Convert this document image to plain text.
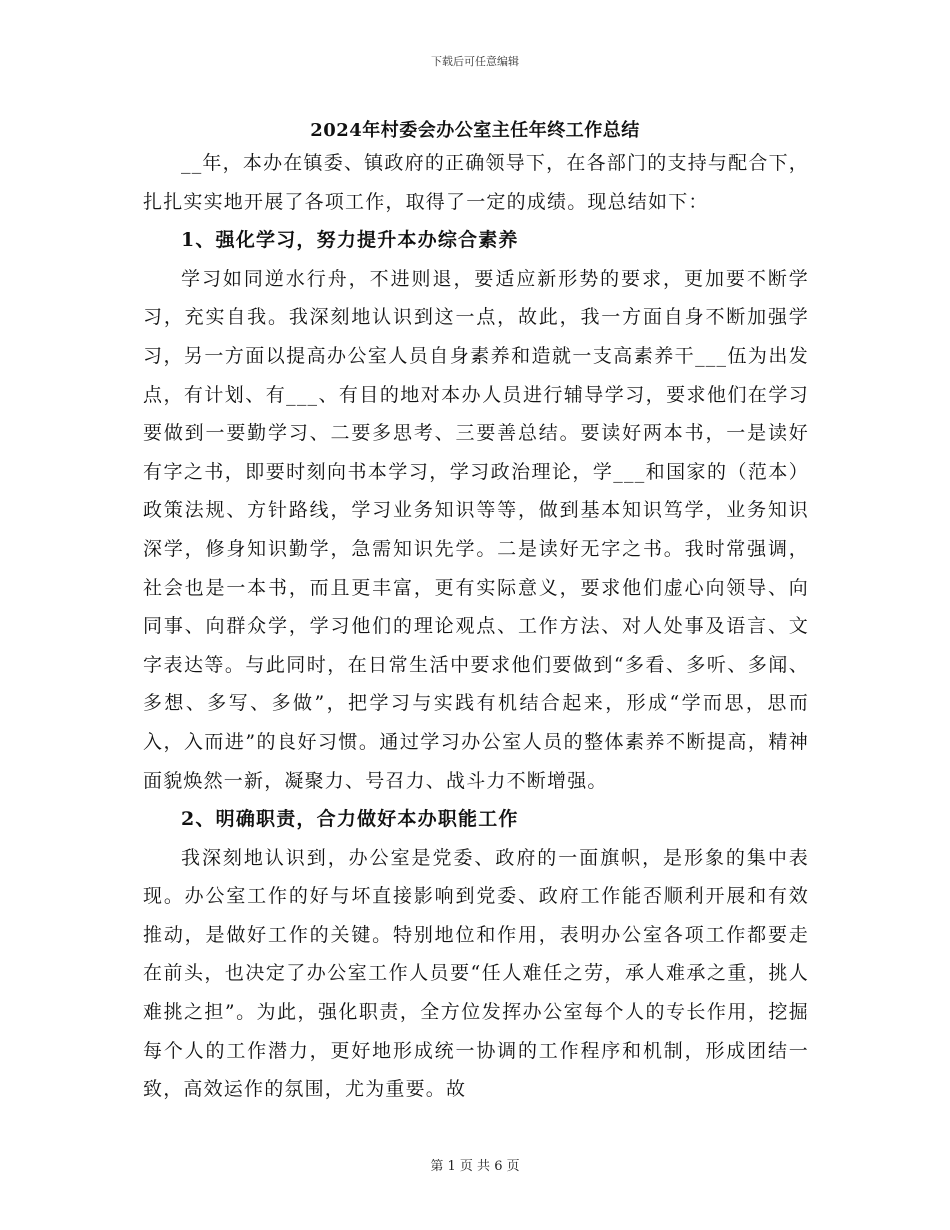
下载后可任意编辑
2024年村委会办公室主任年终工作总结

__年，本办在镇委、镇政府的正确领导下，在各部门的支持与配合下，扎扎实实地开展了各项工作，取得了一定的成绩。现总结如下：

1、强化学习，努力提升本办综合素养

学习如同逆水行舟，不进则退，要适应新形势的要求，更加要不断学习，充实自我。我深刻地认识到这一点，故此，我一方面自身不断加强学习，另一方面以提高办公室人员自身素养和造就一支高素养干___伍为出发点，有计划、有___、有目的地对本办人员进行辅导学习，要求他们在学习要做到一要勤学习、二要多思考、三要善总结。要读好两本书，一是读好有字之书，即要时刻向书本学习，学习政治理论，学___和国家的（范本）政策法规、方针路线，学习业务知识等等，做到基本知识笃学，业务知识深学，修身知识勤学，急需知识先学。二是读好无字之书。我时常强调，社会也是一本书，而且更丰富，更有实际意义，要求他们虚心向领导、向同事、向群众学，学习他们的理论观点、工作方法、对人处事及语言、文字表达等。与此同时，在日常生活中要求他们要做到“多看、多听、多闻、多想、多写、多做”，把学习与实践有机结合起来，形成“学而思，思而入，入而进”的良好习惯。通过学习办公室人员的整体素养不断提高，精神面貌焕然一新，凝聚力、号召力、战斗力不断增强。

2、明确职责，合力做好本办职能工作

我深刻地认识到，办公室是党委、政府的一面旗帜，是形象的集中表现。办公室工作的好与坏直接影响到党委、政府工作能否顺利开展和有效推动，是做好工作的关键。特别地位和作用，表明办公室各项工作都要走在前头，也决定了办公室工作人员要“任人难任之劳，承人难承之重，挑人难挑之担”。为此，强化职责，全方位发挥办公室每个人的专长作用，挖掘每个人的工作潜力，更好地形成统一协调的工作程序和机制，形成团结一致，高效运作的氛围，尤为重要。故

第 1 页 共 6 页
